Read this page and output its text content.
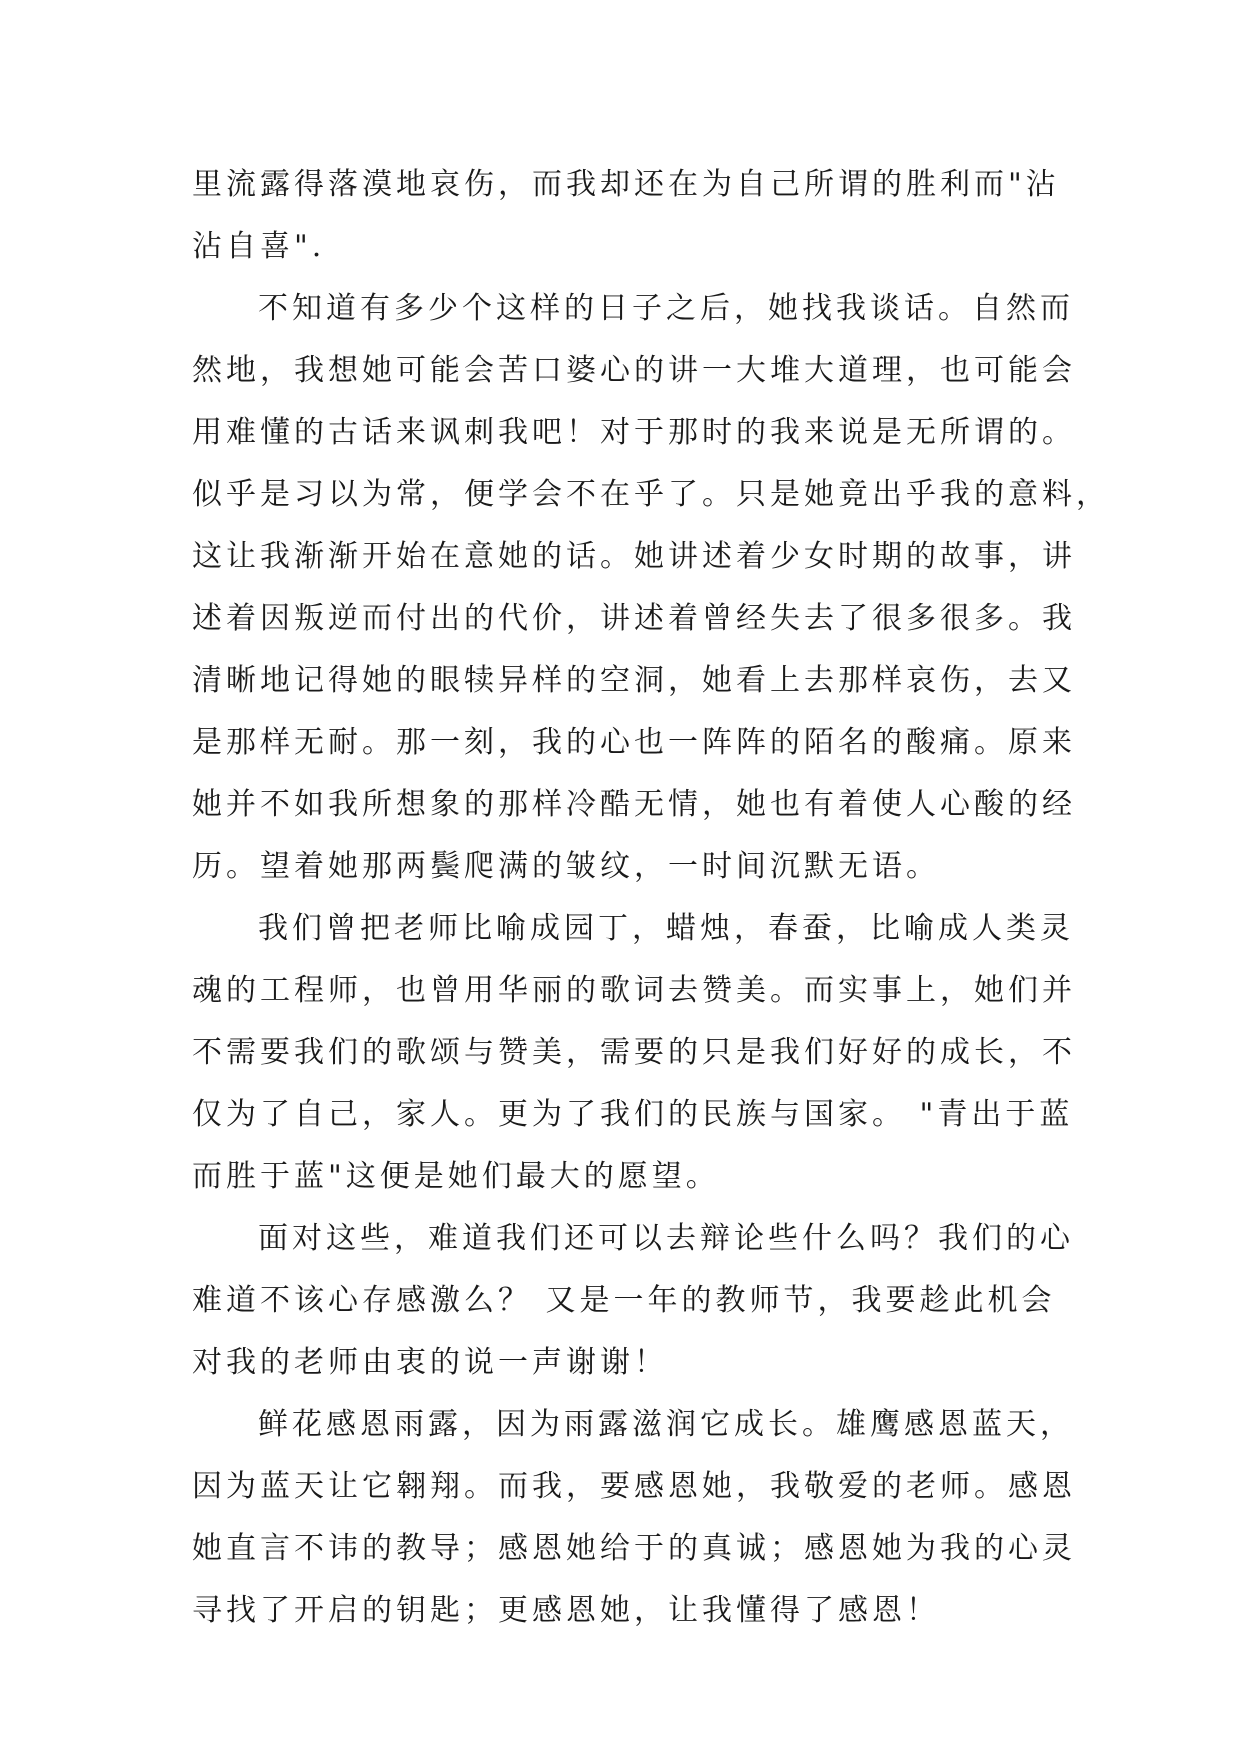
里流露得落漠地哀伤，而我却还在为自己所谓的胜利而"沾
沾自喜".
不知道有多少个这样的日子之后，她找我谈话。自然而
然地，我想她可能会苦口婆心的讲一大堆大道理，也可能会
用难懂的古话来讽刺我吧！对于那时的我来说是无所谓的。
似乎是习以为常，便学会不在乎了。只是她竟出乎我的意料，
这让我渐渐开始在意她的话。她讲述着少女时期的故事，讲
述着因叛逆而付出的代价，讲述着曾经失去了很多很多。我
清晰地记得她的眼犊异样的空洞，她看上去那样哀伤，去又
是那样无耐。那一刻，我的心也一阵阵的陌名的酸痛。原来
她并不如我所想象的那样冷酷无情，她也有着使人心酸的经
历。望着她那两鬓爬满的皱纹，一时间沉默无语。
我们曾把老师比喻成园丁，蜡烛，春蚕，比喻成人类灵
魂的工程师，也曾用华丽的歌词去赞美。而实事上，她们并
不需要我们的歌颂与赞美，需要的只是我们好好的成长，不
仅为了自己，家人。更为了我们的民族与国家。 "青出于蓝
而胜于蓝"这便是她们最大的愿望。
面对这些，难道我们还可以去辩论些什么吗？我们的心
难道不该心存感激么？ 又是一年的教师节，我要趁此机会
对我的老师由衷的说一声谢谢！
鲜花感恩雨露，因为雨露滋润它成长。雄鹰感恩蓝天，
因为蓝天让它翱翔。而我，要感恩她，我敬爱的老师。感恩
她直言不讳的教导；感恩她给于的真诚；感恩她为我的心灵
寻找了开启的钥匙；更感恩她，让我懂得了感恩！
